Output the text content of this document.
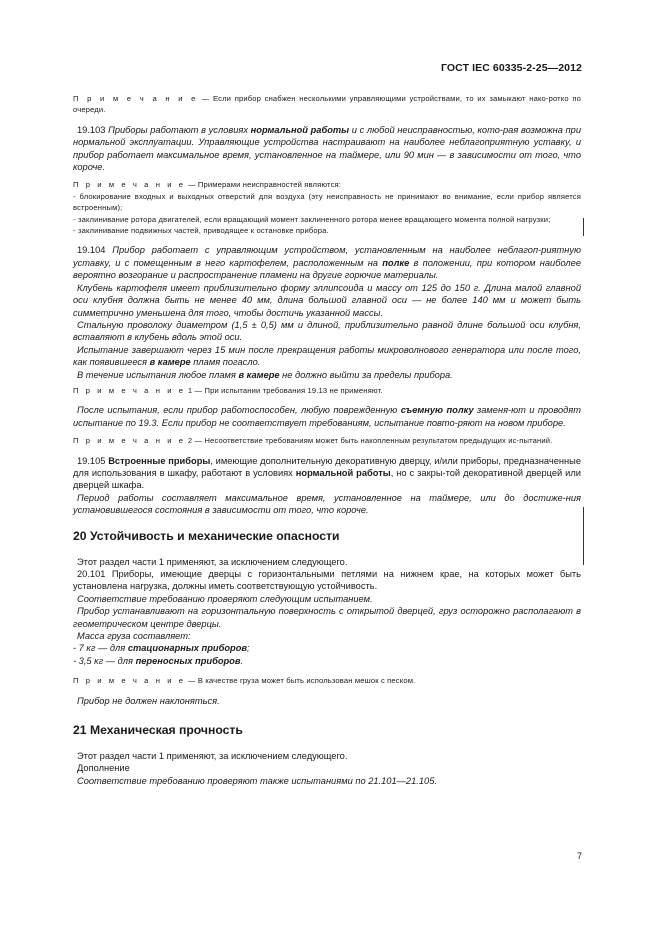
ГОСТ IEC 60335-2-25—2012

П р и м е ч а н и е — Если прибор снабжен несколькими управляющими устройствами, то их замыкают нако-ротко по очереди.

19.103 Приборы работают в условиях нормальной работы и с любой неисправностью, кото-рая возможна при нормальной эксплуатации. Управляющие устройства настраивают на наиболее неблагоприятную уставку, и прибор работает максимальное время, установленное на таймере, или 90 мин — в зависимости от того, что короче.

П р и м е ч а н и е — Примерами неисправностей являются:

- блокирование входных и выходных отверстий для воздуха (эту неисправность не принимают во внимание, если прибор является встроенным);

- заклинивание ротора двигателей, если вращающий момент заклиненного ротора менее вращающего момента полной нагрузки;

- заклинивание подвижных частей, приводящее к остановке прибора.

19.104 Прибор работает с управляющим устройством, установленным на наиболее неблагоп-риятную уставку, и с помещенным в него картофелем, расположенным на полке в положении, при котором наиболее вероятно возгорание и распространение пламени на другие горючие материалы.

Клубень картофеля имеет приблизительно форму эллипсоида и массу от 125 до 150 г. Длина малой главной оси клубня должна быть не менее 40 мм, длина большой главной оси — не более 140 мм и может быть симметрично уменьшена для того, чтобы достичь указанной массы.

Стальную проволоку диаметром (1,5 ± 0,5) мм и длиной, приблизительно равной длине большой оси клубня, вставляют в клубень вдоль этой оси.

Испытание завершают через 15 мин после прекращения работы микроволнового генератора или после того, как появившееся в камере пламя погасло.

В течение испытания любое пламя в камере не должно выйти за пределы прибора.

П р и м е ч а н и е 1 — При испытании требования 19.13 не применяют.

После испытания, если прибор работоспособен, любую поврежденную съемную полку заменя-ют и проводят испытание по 19.3. Если прибор не соответствует требованиям, испытание повто-ряют на новом приборе.

П р и м е ч а н и е 2 — Несоответствие требованиям может быть накопленным результатом предыдущих ис-пытаний.

19.105 Встроенные приборы, имеющие дополнительную декоративную дверцу, и/или приборы, предназначенные для использования в шкафу, работают в условиях нормальной работы, но с закры-той декоративной дверцей или дверцей шкафа.

Период работы составляет максимальное время, установленное на таймере, или до достиже-ния установившегося состояния в зависимости от того, что короче.

20 Устойчивость и механические опасности

Этот раздел части 1 применяют, за исключением следующего.

20.101 Приборы, имеющие дверцы с горизонтальными петлями на нижнем крае, на которых может быть установлена нагрузка, должны иметь соответствующую устойчивость.

Соответствие требованию проверяют следующим испытанием.

Прибор устанавливают на горизонтальную поверхность с открытой дверцей, груз осторожно располагают в геометрическом центре дверцы.

Масса груза составляет:

- 7 кг — для стационарных приборов;

- 3,5 кг — для переносных приборов.

П р и м е ч а н и е — В качестве груза может быть использован мешок с песком.

Прибор не должен наклоняться.

21 Механическая прочность

Этот раздел части 1 применяют, за исключением следующего.

Дополнение

Соответствие требованию проверяют также испытаниями по 21.101—21.105.

7
